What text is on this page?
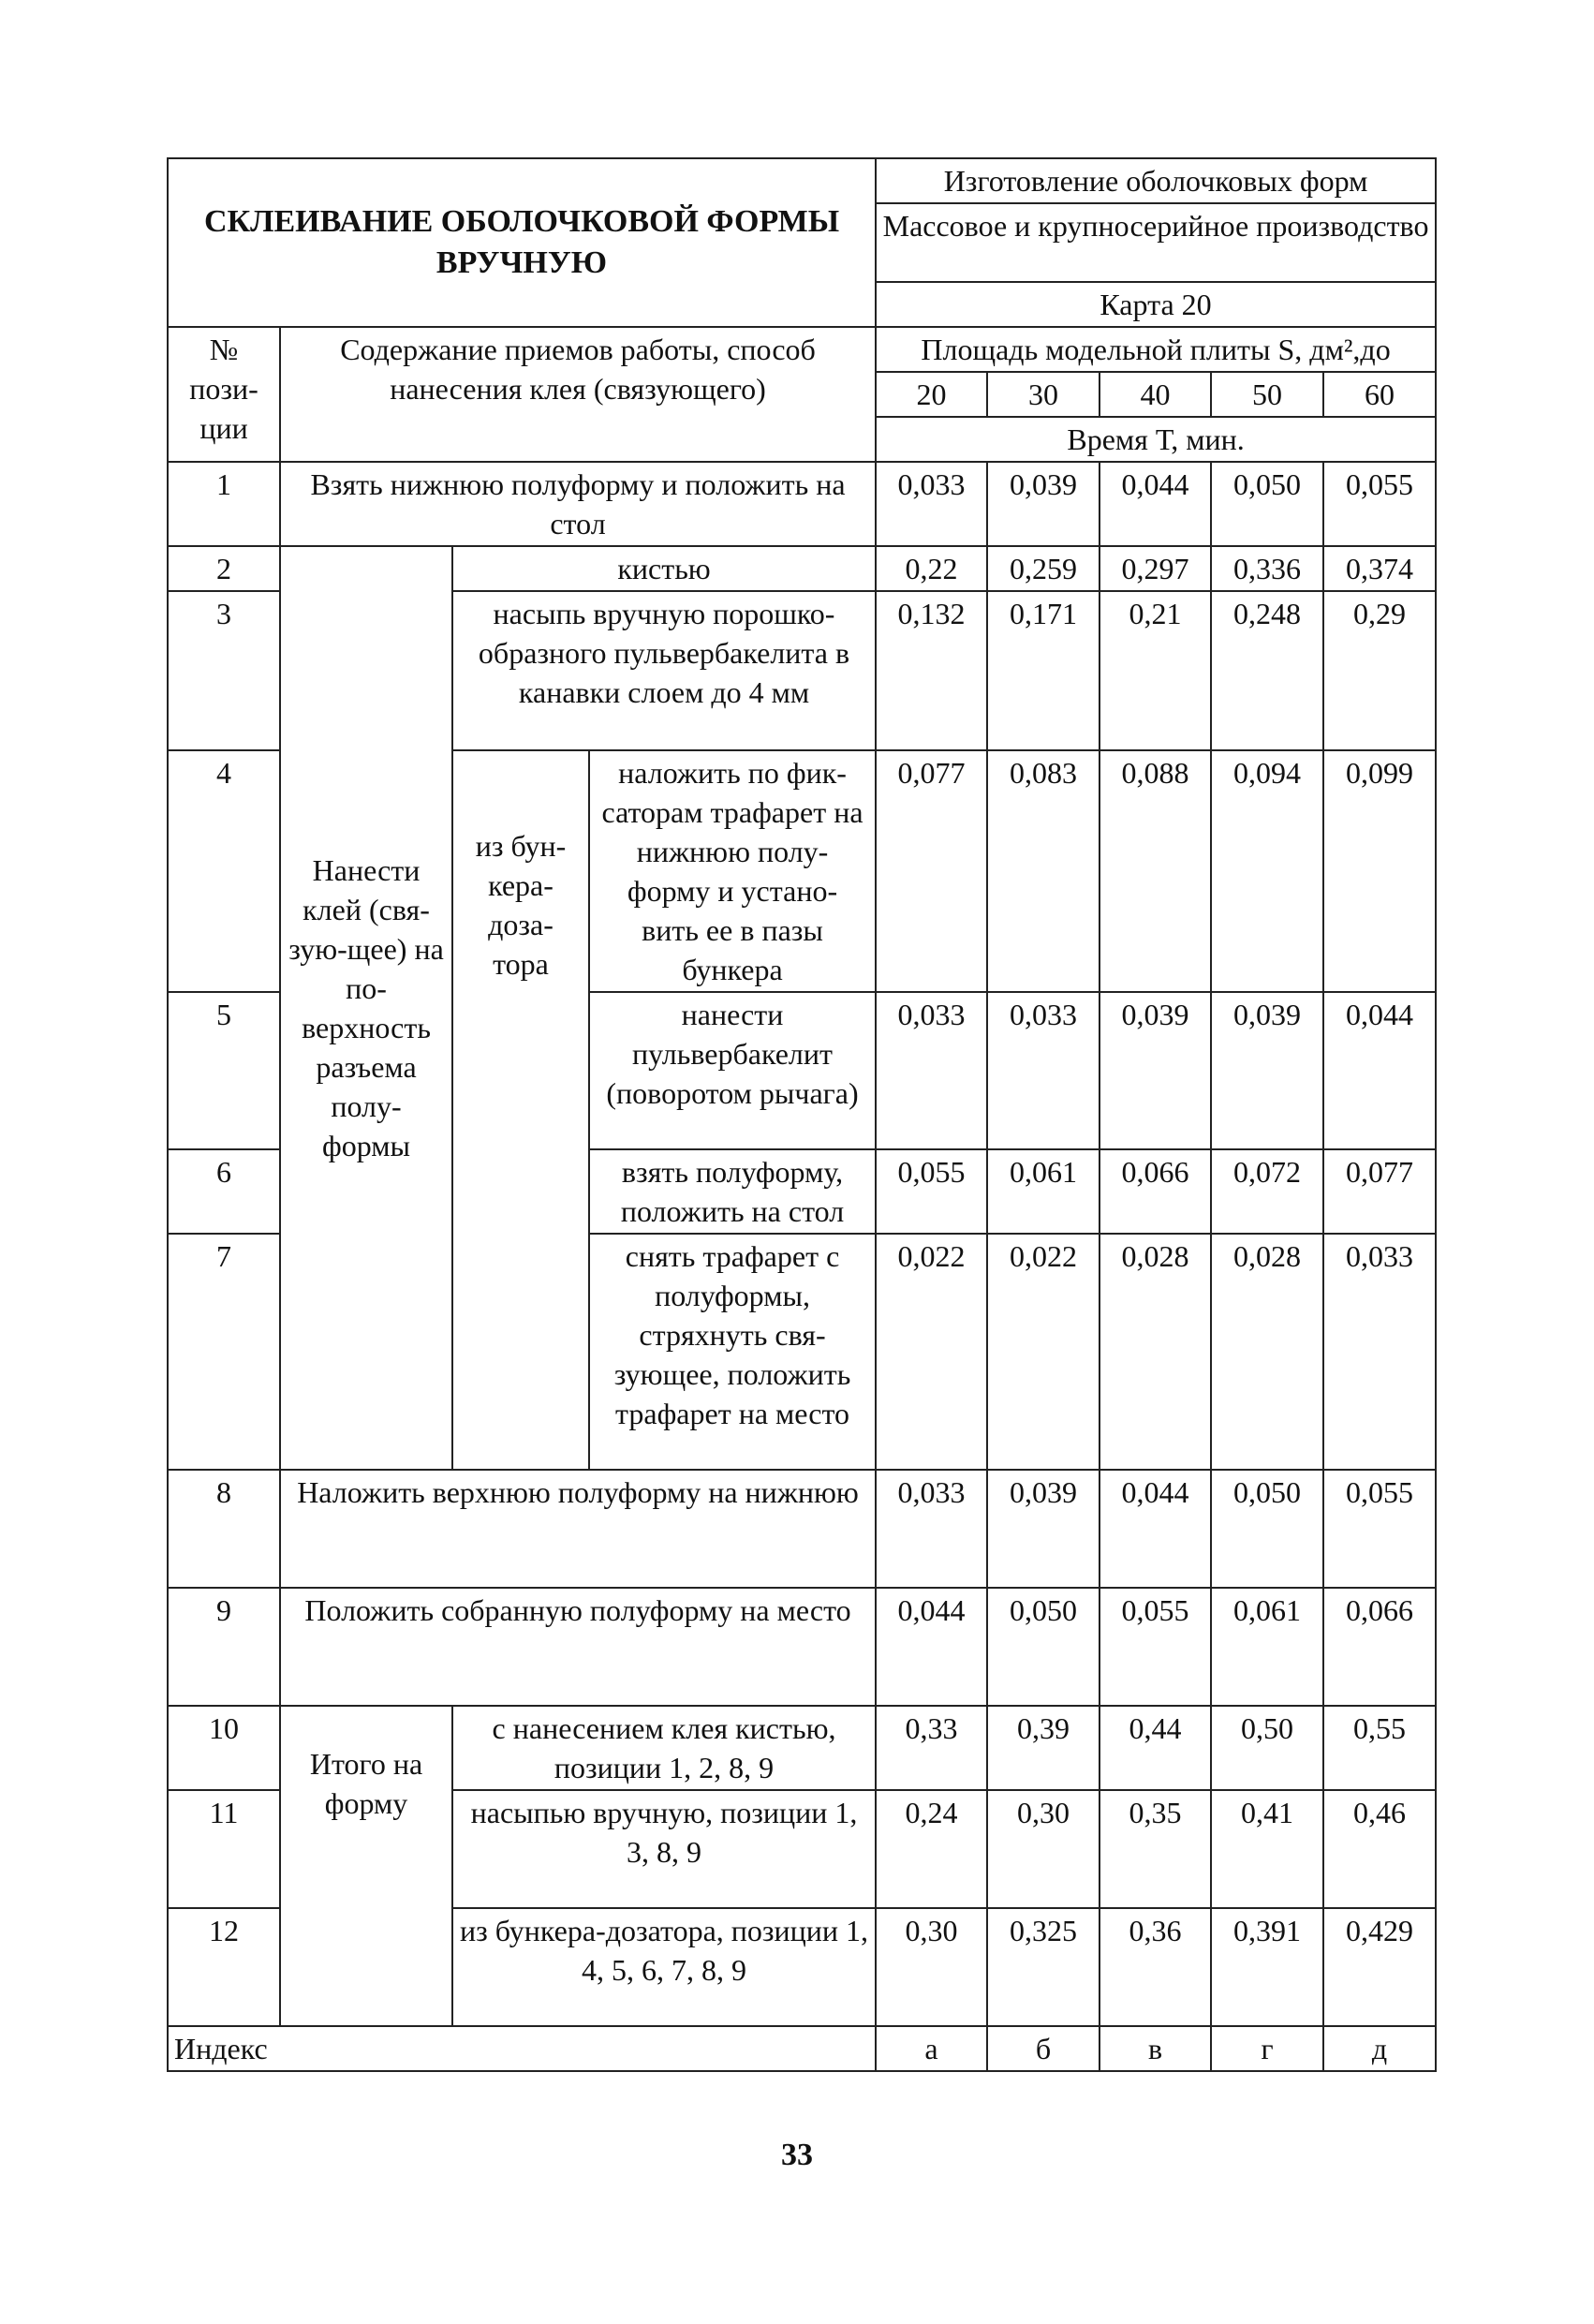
СКЛЕИВАНИЕ ОБОЛОЧКОВОЙ ФОРМЫ ВРУЧНУЮ				Изготовление оболочковых форм				
				Массовое и крупносерийное производство				
				Карта 20				
№ пози- ции	Содержание приемов работы, способ нанесения клея (связующего)			Площадь модельной плиты S, дм²,до				
				20	30	40	50	60
				Время Т, мин.				
1	Взять нижнюю полуформу и положить на стол			0,033	0,039	0,044	0,050	0,055
2	Нанести клей (свя- зую-щее) на по- верхность разъема полу- формы	кистью		0,22	0,259	0,297	0,336	0,374
3		насыпь вручную порошко- образного пульвербакелита в канавки слоем до 4 мм		0,132	0,171	0,21	0,248	0,29
4		из бун- кера- доза- тора	наложить по фик- саторам трафарет на нижнюю полу- форму и устано- вить ее в пазы бункера	0,077	0,083	0,088	0,094	0,099
5			нанести пульвербакелит (поворотом рычага)	0,033	0,033	0,039	0,039	0,044
6			взять полуформу, положить на стол	0,055	0,061	0,066	0,072	0,077
7			снять трафарет с полуформы, стряхнуть свя- зующее, положить трафарет на место	0,022	0,022	0,028	0,028	0,033
8	Наложить верхнюю полуформу на нижнюю			0,033	0,039	0,044	0,050	0,055
9	Положить собранную полуформу на место			0,044	0,050	0,055	0,061	0,066
10	Итого на форму	с нанесением клея кистью, позиции 1, 2, 8, 9		0,33	0,39	0,44	0,50	0,55
11		насыпью вручную, позиции 1, 3, 8, 9		0,24	0,30	0,35	0,41	0,46
12		из бункера-дозатора, позиции 1, 4, 5, 6, 7, 8, 9		0,30	0,325	0,36	0,391	0,429
Индекс				а	б	в	г	д
33
